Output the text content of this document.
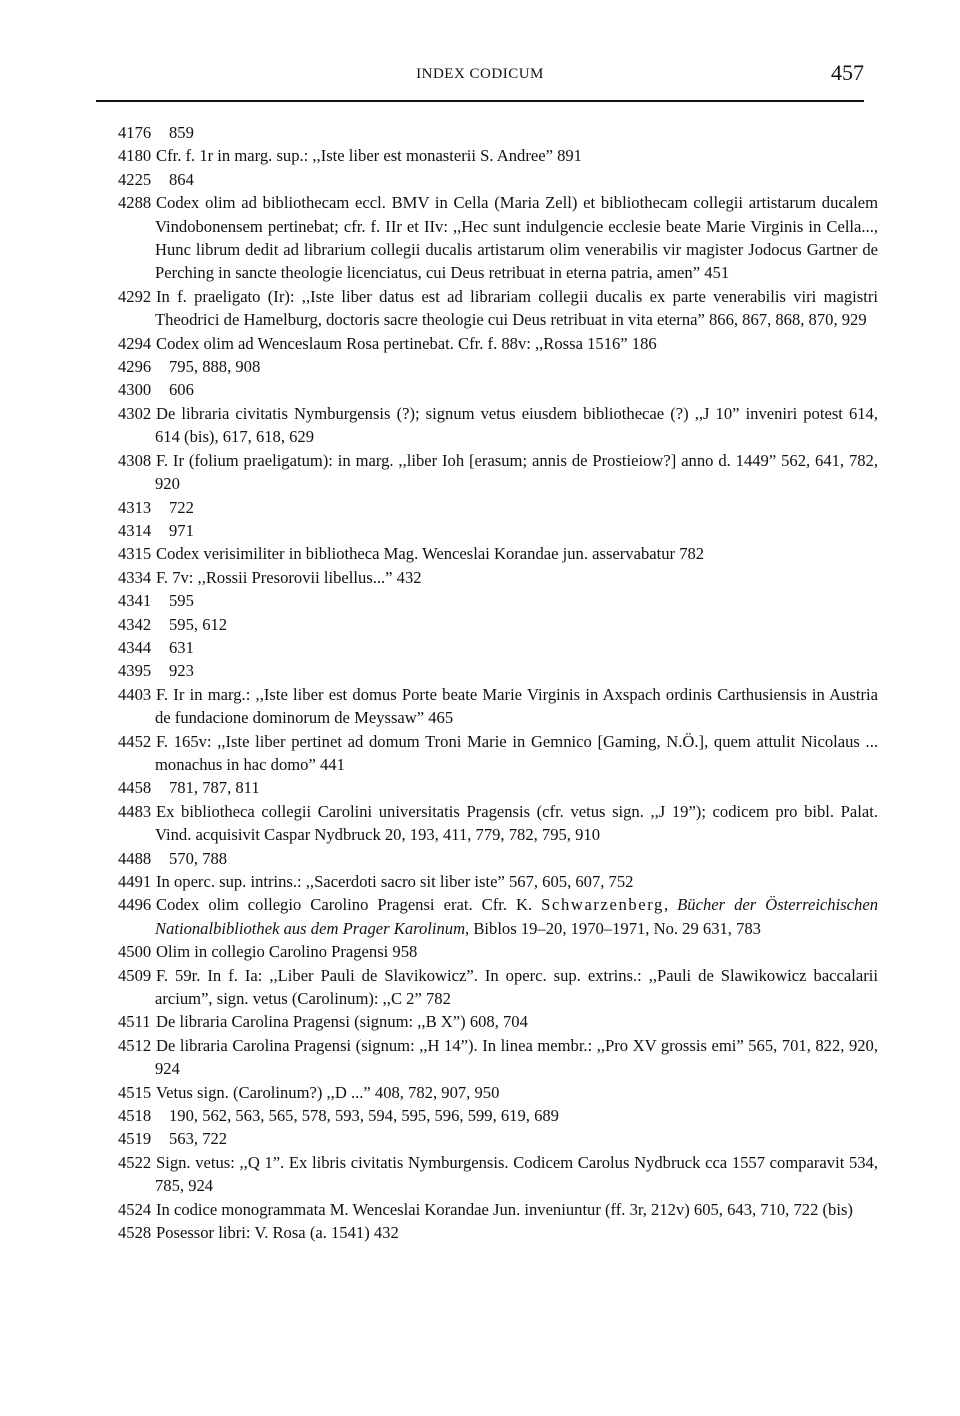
INDEX CODICUM	457
4176 859
4180 Cfr. f. 1r in marg. sup.: ,,Iste liber est monasterii S. Andree” 891
4225 864
4288 Codex olim ad bibliothecam eccl. BMV in Cella (Maria Zell) et bibliothecam collegii artistarum ducalem Vindobonensem pertinebat; cfr. f. IIr et IIv: ,,Hec sunt indulgencie ecclesie beate Marie Virginis in Cella..., Hunc librum dedit ad librarium collegii ducalis artistarum olim venerabilis vir magister Jodocus Gartner de Perching in sancte theologie licenciatus, cui Deus retribuat in eterna patria, amen” 451
4292 In f. praeligato (Ir): ,,Iste liber datus est ad librariam collegii ducalis ex parte venerabilis viri magistri Theodrici de Hamelburg, doctoris sacre theologie cui Deus retribuat in vita eterna” 866, 867, 868, 870, 929
4294 Codex olim ad Wenceslaum Rosa pertinebat. Cfr. f. 88v: ,,Rossa 1516” 186
4296 795, 888, 908
4300 606
4302 De libraria civitatis Nymburgensis (?); signum vetus eiusdem bibliothecae (?) ,,J 10” inveniri potest 614, 614 (bis), 617, 618, 629
4308 F. Ir (folium praeligatum): in marg. ,,liber Ioh [erasum; annis de Prostieiow?] anno d. 1449” 562, 641, 782, 920
4313 722
4314 971
4315 Codex verisimiliter in bibliotheca Mag. Wenceslai Korandae jun. asservabatur 782
4334 F. 7v: ,,Rossii Presorovii libellus...” 432
4341 595
4342 595, 612
4344 631
4395 923
4403 F. Ir in marg.: ,,Iste liber est domus Porte beate Marie Virginis in Axspach ordinis Carthusiensis in Austria de fundacione dominorum de Meyssaw” 465
4452 F. 165v: ,,Iste liber pertinet ad domum Troni Marie in Gemnico [Gaming, N.Ö.], quem attulit Nicolaus ... monachus in hac domo” 441
4458 781, 787, 811
4483 Ex bibliotheca collegii Carolini universitatis Pragensis (cfr. vetus sign. ,,J 19”); codicem pro bibl. Palat. Vind. acquisivit Caspar Nydbruck 20, 193, 411, 779, 782, 795, 910
4488 570, 788
4491 In operc. sup. intrins.: ,,Sacerdoti sacro sit liber iste” 567, 605, 607, 752
4496 Codex olim collegio Carolino Pragensi erat. Cfr. K. Schwarzenberg, Bücher der Österreichischen Nationalbibliothek aus dem Prager Karolinum, Biblos 19–20, 1970–1971, No. 29 631, 783
4500 Olim in collegio Carolino Pragensi 958
4509 F. 59r. In f. Ia: ,,Liber Pauli de Slavikowicz”. In operc. sup. extrins.: ,,Pauli de Slawikowicz baccalarii arcium”, sign. vetus (Carolinum): ,,C 2” 782
4511 De libraria Carolina Pragensi (signum: ,,B X”) 608, 704
4512 De libraria Carolina Pragensi (signum: ,,H 14”). In linea membr.: ,,Pro XV grossis emi” 565, 701, 822, 920, 924
4515 Vetus sign. (Carolinum?) ,,D ...” 408, 782, 907, 950
4518 190, 562, 563, 565, 578, 593, 594, 595, 596, 599, 619, 689
4519 563, 722
4522 Sign. vetus: ,,Q 1”. Ex libris civitatis Nymburgensis. Codicem Carolus Nydbruck cca 1557 comparavit 534, 785, 924
4524 In codice monogrammata M. Wenceslai Korandae Jun. inveniuntur (ff. 3r, 212v) 605, 643, 710, 722 (bis)
4528 Posessor libri: V. Rosa (a. 1541) 432
